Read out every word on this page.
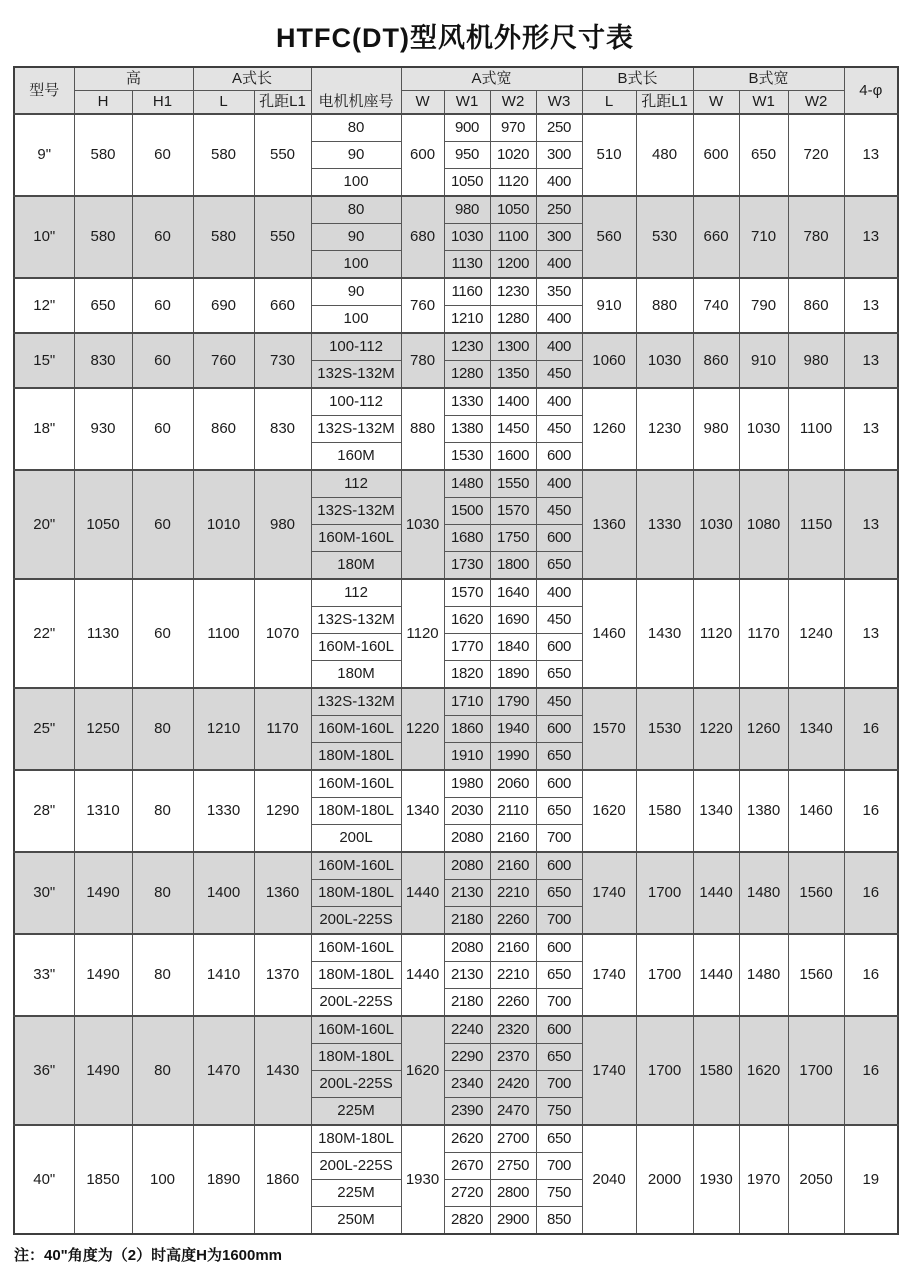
HTFC(DT)型风机外形尺寸表
型号	高		A式长		电机机座号	A式宽				B式长		B式宽			4-φ
	H	H1	L	孔距L1		W	W1	W2	W3	L	孔距L1	W	W1	W2	
9"	580	60	580	550	80	600	900	970	250	510	480	600	650	720	13
					90		950	1020	300						
					100		1050	1120	400						
10"	580	60	580	550	80	680	980	1050	250	560	530	660	710	780	13
					90		1030	1100	300						
					100		1130	1200	400						
12"	650	60	690	660	90	760	1160	1230	350	910	880	740	790	860	13
					100		1210	1280	400						
15"	830	60	760	730	100-112	780	1230	1300	400	1060	1030	860	910	980	13
					132S-132M		1280	1350	450						
18"	930	60	860	830	100-112	880	1330	1400	400	1260	1230	980	1030	1100	13
					132S-132M		1380	1450	450						
					160M		1530	1600	600						
20"	1050	60	1010	980	112	1030	1480	1550	400	1360	1330	1030	1080	1150	13
					132S-132M		1500	1570	450						
					160M-160L		1680	1750	600						
					180M		1730	1800	650						
22"	1130	60	1100	1070	112	1120	1570	1640	400	1460	1430	1120	1170	1240	13
					132S-132M		1620	1690	450						
					160M-160L		1770	1840	600						
					180M		1820	1890	650						
25"	1250	80	1210	1170	132S-132M	1220	1710	1790	450	1570	1530	1220	1260	1340	16
					160M-160L		1860	1940	600						
					180M-180L		1910	1990	650						
28"	1310	80	1330	1290	160M-160L	1340	1980	2060	600	1620	1580	1340	1380	1460	16
					180M-180L		2030	2110	650						
					200L		2080	2160	700						
30"	1490	80	1400	1360	160M-160L	1440	2080	2160	600	1740	1700	1440	1480	1560	16
					180M-180L		2130	2210	650						
					200L-225S		2180	2260	700						
33"	1490	80	1410	1370	160M-160L	1440	2080	2160	600	1740	1700	1440	1480	1560	16
					180M-180L		2130	2210	650						
					200L-225S		2180	2260	700						
36"	1490	80	1470	1430	160M-160L	1620	2240	2320	600	1740	1700	1580	1620	1700	16
					180M-180L		2290	2370	650						
					200L-225S		2340	2420	700						
					225M		2390	2470	750						
40"	1850	100	1890	1860	180M-180L	1930	2620	2700	650	2040	2000	1930	1970	2050	19
					200L-225S		2670	2750	700						
					225M		2720	2800	750						
					250M		2820	2900	850						
注：40"角度为（2）时高度H为1600mm
